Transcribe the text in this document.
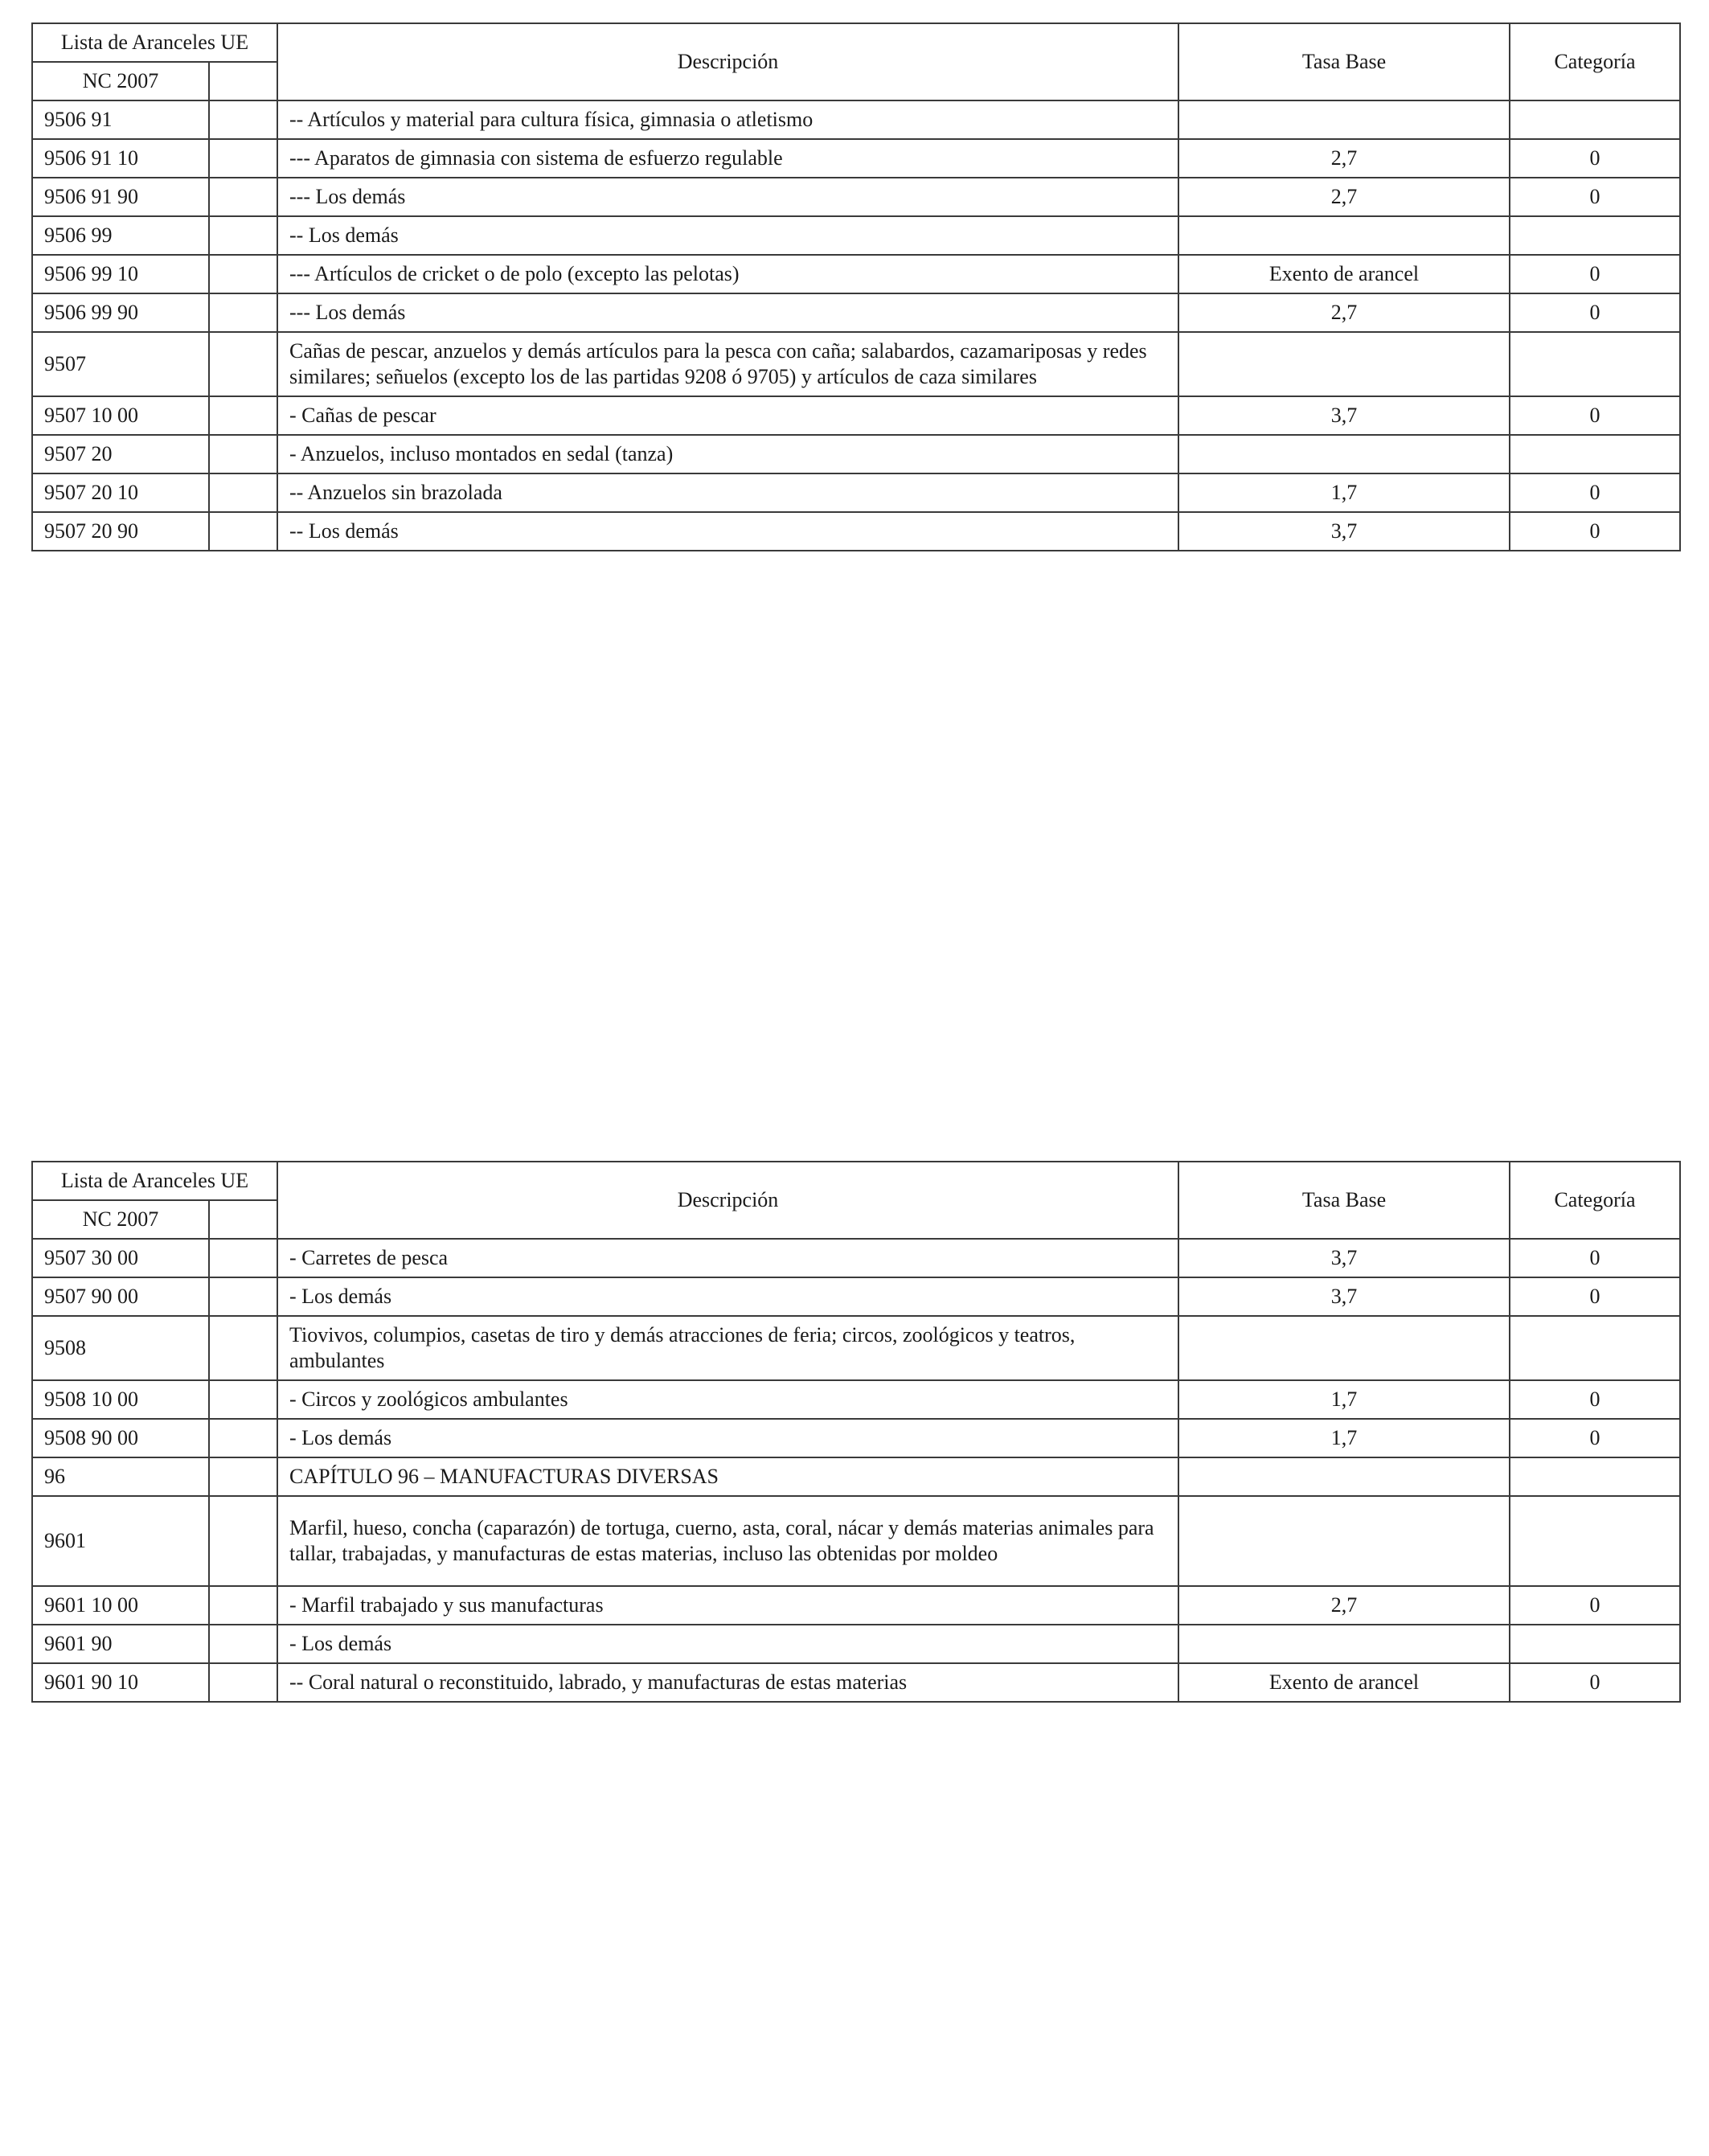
Lista de Aranceles UE		Descripción	Tasa Base	Categoría
NC 2007				
9506 91		-- Artículos y material para cultura física, gimnasia o atletismo		
9506 91 10		--- Aparatos de gimnasia con sistema de esfuerzo regulable	2,7	0
9506 91 90		--- Los demás	2,7	0
9506 99		-- Los demás		
9506 99 10		--- Artículos de cricket o de polo (excepto las pelotas)	Exento de arancel	0
9506 99 90		--- Los demás	2,7	0
9507		Cañas de pescar, anzuelos y demás artículos para la pesca con caña; salabardos, cazamariposas y redes similares; señuelos (excepto los de las partidas 9208 ó 9705) y artículos de caza similares		
9507 10 00		- Cañas de pescar	3,7	0
9507 20		- Anzuelos, incluso montados en sedal (tanza)		
9507 20 10		-- Anzuelos sin brazolada	1,7	0
9507 20 90		-- Los demás	3,7	0
Lista de Aranceles UE		Descripción	Tasa Base	Categoría
NC 2007				
9507 30 00		- Carretes de pesca	3,7	0
9507 90 00		- Los demás	3,7	0
9508		Tiovivos, columpios, casetas de tiro y demás atracciones de feria; circos, zoológicos y teatros, ambulantes		
9508 10 00		- Circos y zoológicos ambulantes	1,7	0
9508 90 00		- Los demás	1,7	0
96		CAPÍTULO 96 – MANUFACTURAS DIVERSAS		
9601		Marfil, hueso, concha (caparazón) de tortuga, cuerno, asta, coral, nácar y demás materias animales para tallar, trabajadas, y manufacturas de estas materias, incluso las obtenidas por moldeo		
9601 10 00		- Marfil trabajado y sus manufacturas	2,7	0
9601 90		- Los demás		
9601 90 10		-- Coral natural o reconstituido, labrado, y manufacturas de estas materias	Exento de arancel	0
